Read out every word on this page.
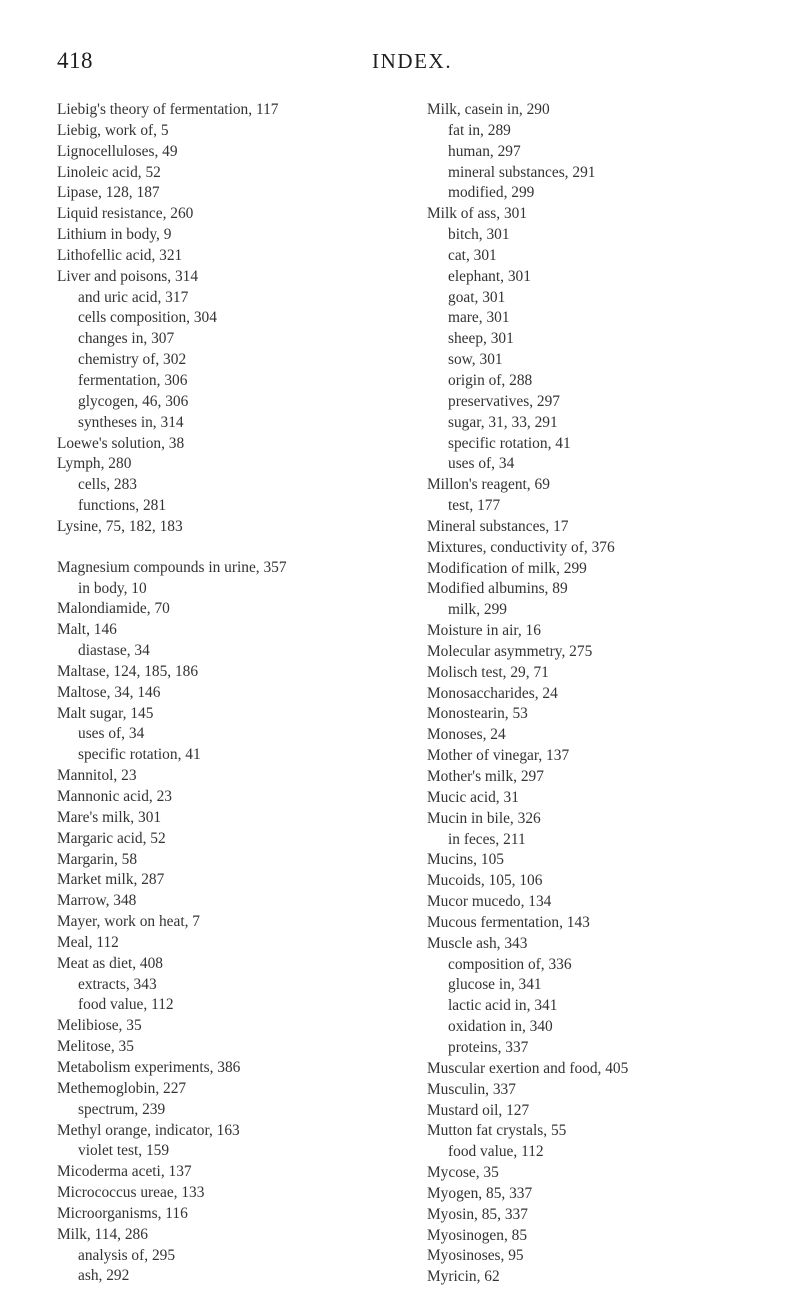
418	INDEX.
Liebig's theory of fermentation, 117
Liebig, work of, 5
Lignocelluloses, 49
Linoleic acid, 52
Lipase, 128, 187
Liquid resistance, 260
Lithium in body, 9
Lithofellic acid, 321
Liver and poisons, 314
and uric acid, 317
cells composition, 304
changes in, 307
chemistry of, 302
fermentation, 306
glycogen, 46, 306
syntheses in, 314
Loewe's solution, 38
Lymph, 280
cells, 283
functions, 281
Lysine, 75, 182, 183
Magnesium compounds in urine, 357
in body, 10
Malondiamide, 70
Malt, 146
diastase, 34
Maltase, 124, 185, 186
Maltose, 34, 146
Malt sugar, 145
uses of, 34
specific rotation, 41
Mannitol, 23
Mannonic acid, 23
Mare's milk, 301
Margaric acid, 52
Margarin, 58
Market milk, 287
Marrow, 348
Mayer, work on heat, 7
Meal, 112
Meat as diet, 408
extracts, 343
food value, 112
Melibiose, 35
Melitose, 35
Metabolism experiments, 386
Methemoglobin, 227
spectrum, 239
Methyl orange, indicator, 163
violet test, 159
Micoderma aceti, 137
Micrococcus ureae, 133
Microorganisms, 116
Milk, 114, 286
analysis of, 295
ash, 292
Milk, casein in, 290
fat in, 289
human, 297
mineral substances, 291
modified, 299
Milk of ass, 301
bitch, 301
cat, 301
elephant, 301
goat, 301
mare, 301
sheep, 301
sow, 301
origin of, 288
preservatives, 297
sugar, 31, 33, 291
specific rotation, 41
uses of, 34
Millon's reagent, 69
test, 177
Mineral substances, 17
Mixtures, conductivity of, 376
Modification of milk, 299
Modified albumins, 89
milk, 299
Moisture in air, 16
Molecular asymmetry, 275
Molisch test, 29, 71
Monosaccharides, 24
Monostearin, 53
Monoses, 24
Mother of vinegar, 137
Mother's milk, 297
Mucic acid, 31
Mucin in bile, 326
in feces, 211
Mucins, 105
Mucoids, 105, 106
Mucor mucedo, 134
Mucous fermentation, 143
Muscle ash, 343
composition of, 336
glucose in, 341
lactic acid in, 341
oxidation in, 340
proteins, 337
Muscular exertion and food, 405
Musculin, 337
Mustard oil, 127
Mutton fat crystals, 55
food value, 112
Mycose, 35
Myogen, 85, 337
Myosin, 85, 337
Myosinogen, 85
Myosinoses, 95
Myricin, 62
